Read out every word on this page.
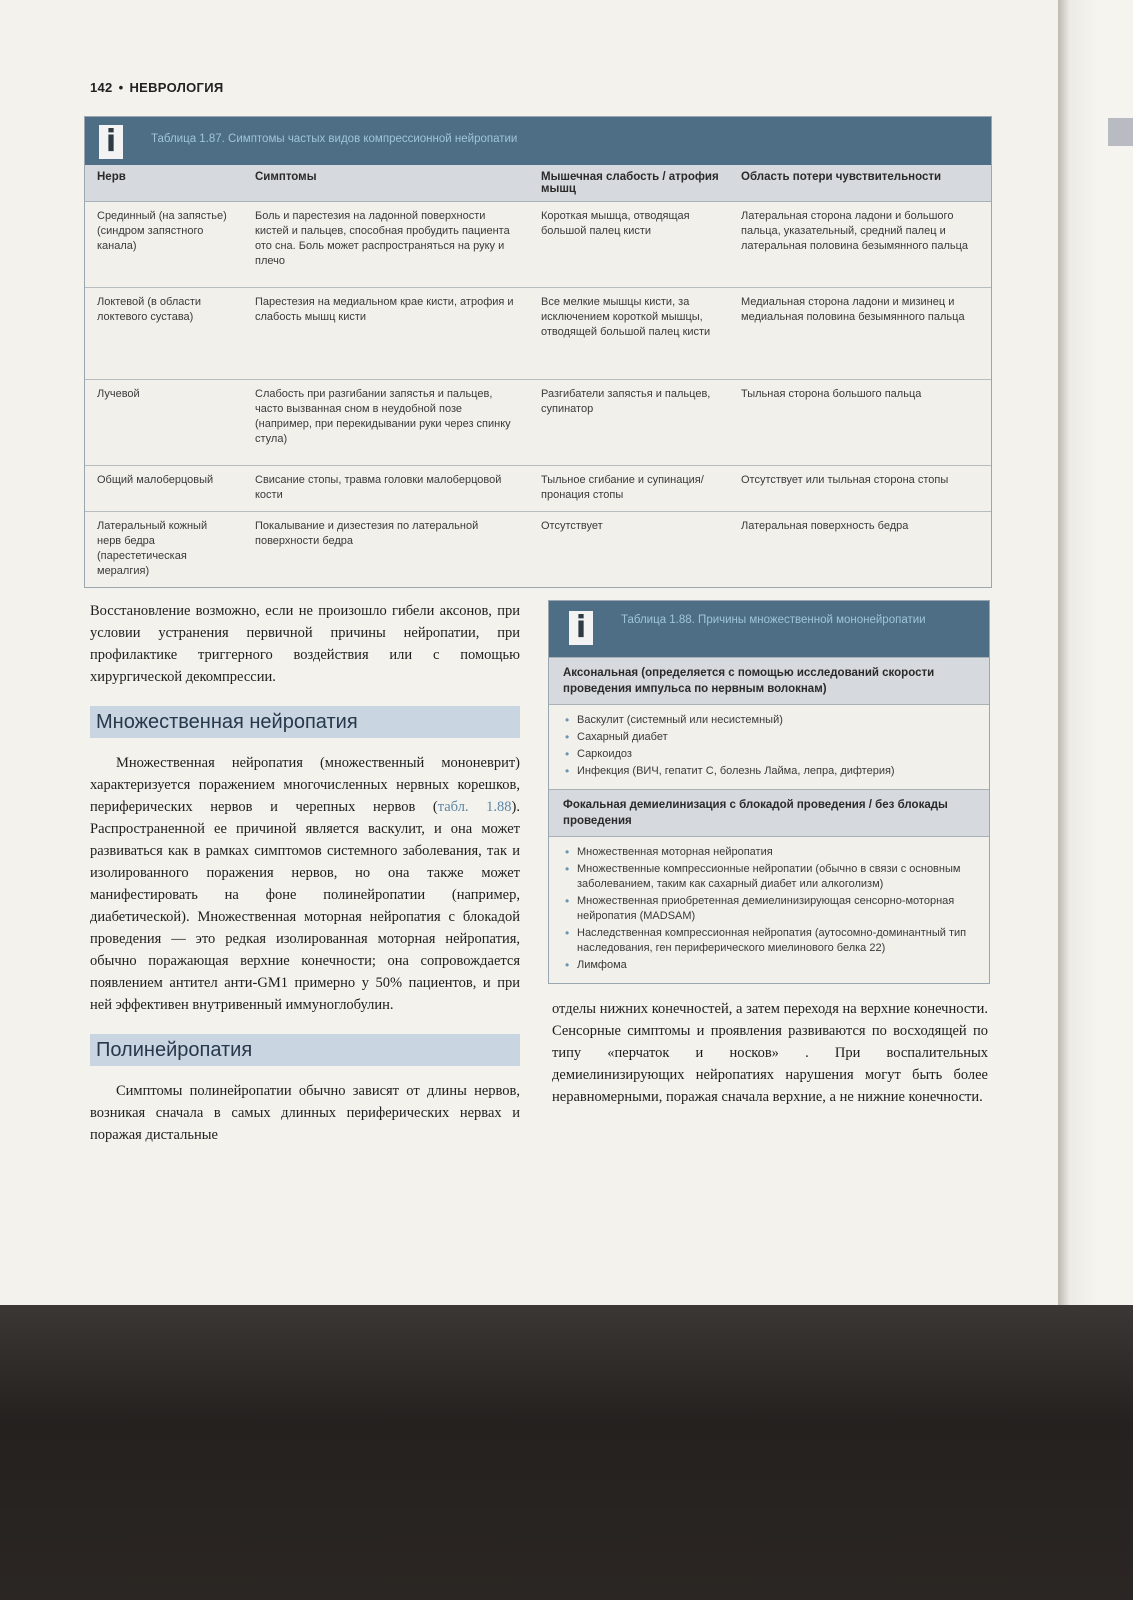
142 • НЕВРОЛОГИЯ
i	Таблица 1.87. Симптомы частых видов компрессионной нейропатии
Нерв	Симптомы	Мышечная слабость / атрофия мышц	Область потери чувствительности
Срединный (на запястье) (синдром запястного канала)	Боль и парестезия на ладонной поверхности кистей и пальцев, способная пробудить пациента ото сна. Боль может распространяться на руку и плечо	Короткая мышца, отводящая большой палец кисти	Латеральная сторона ладони и большого пальца, указательный, средний палец и латеральная половина безымянного пальца
Локтевой (в области локтевого сустава)	Парестезия на медиальном крае кисти, атрофия и слабость мышц кисти	Все мелкие мышцы кисти, за исключением короткой мышцы, отводящей большой палец кисти	Медиальная сторона ладони и мизинец и медиальная половина безымянного пальца
Лучевой	Слабость при разгибании запястья и пальцев, часто вызванная сном в неудобной позе (например, при перекидывании руки через спинку стула)	Разгибатели запястья и пальцев, супинатор	Тыльная сторона большого пальца
Общий малоберцовый	Свисание стопы, травма головки малоберцовой кости	Тыльное сгибание и супинация/пронация стопы	Отсутствует или тыльная сторона стопы
Латеральный кожный нерв бедра (парестетическая мералгия)	Покалывание и дизестезия по латеральной поверхности бедра	Отсутствует	Латеральная поверхность бедра

Восстановление возможно, если не произошло гибели аксонов, при условии устранения первичной причины нейропатии, при профилактике триггерного воздействия или с помощью хирургической декомпрессии.

Множественная нейропатия

Множественная нейропатия (множественный мононеврит) характеризуется поражением многочисленных нервных корешков, периферических нервов и черепных нервов (табл. 1.88). Распространенной ее причиной является васкулит, и она может развиваться как в рамках симптомов системного заболевания, так и изолированного поражения нервов, но она также может манифестировать на фоне полинейропатии (например, диабетической). Множественная моторная нейропатия с блокадой проведения — это редкая изолированная моторная нейропатия, обычно поражающая верхние конечности; она сопровождается появлением антител анти-GM1 примерно у 50% пациентов, и при ней эффективен внутривенный иммуноглобулин.

Полинейропатия

Симптомы полинейропатии обычно зависят от длины нервов, возникая сначала в самых длинных периферических нервах и поражая дистальные

i	Таблица 1.88. Причины множественной мононейропатии
Аксональная (определяется с помощью исследований скорости проведения импульса по нервным волокнам)
• Васкулит (системный или несистемный)
• Сахарный диабет
• Саркоидоз
• Инфекция (ВИЧ, гепатит С, болезнь Лайма, лепра, дифтерия)
Фокальная демиелинизация с блокадой проведения / без блокады проведения
• Множественная моторная нейропатия
• Множественные компрессионные нейропатии (обычно в связи с основным заболеванием, таким как сахарный диабет или алкоголизм)
• Множественная приобретенная демиелинизирующая сенсорно-моторная нейропатия (MADSAM)
• Наследственная компрессионная нейропатия (аутосомно-доминантный тип наследования, ген периферического миелинового белка 22)
• Лимфома

отделы нижних конечностей, а затем переходя на верхние конечности. Сенсорные симптомы и проявления развиваются по восходящей по типу «перчаток и носков» . При воспалительных демиелинизирующих нейропатиях нарушения могут быть более неравномерными, поражая сначала верхние, а не нижние конечности.
